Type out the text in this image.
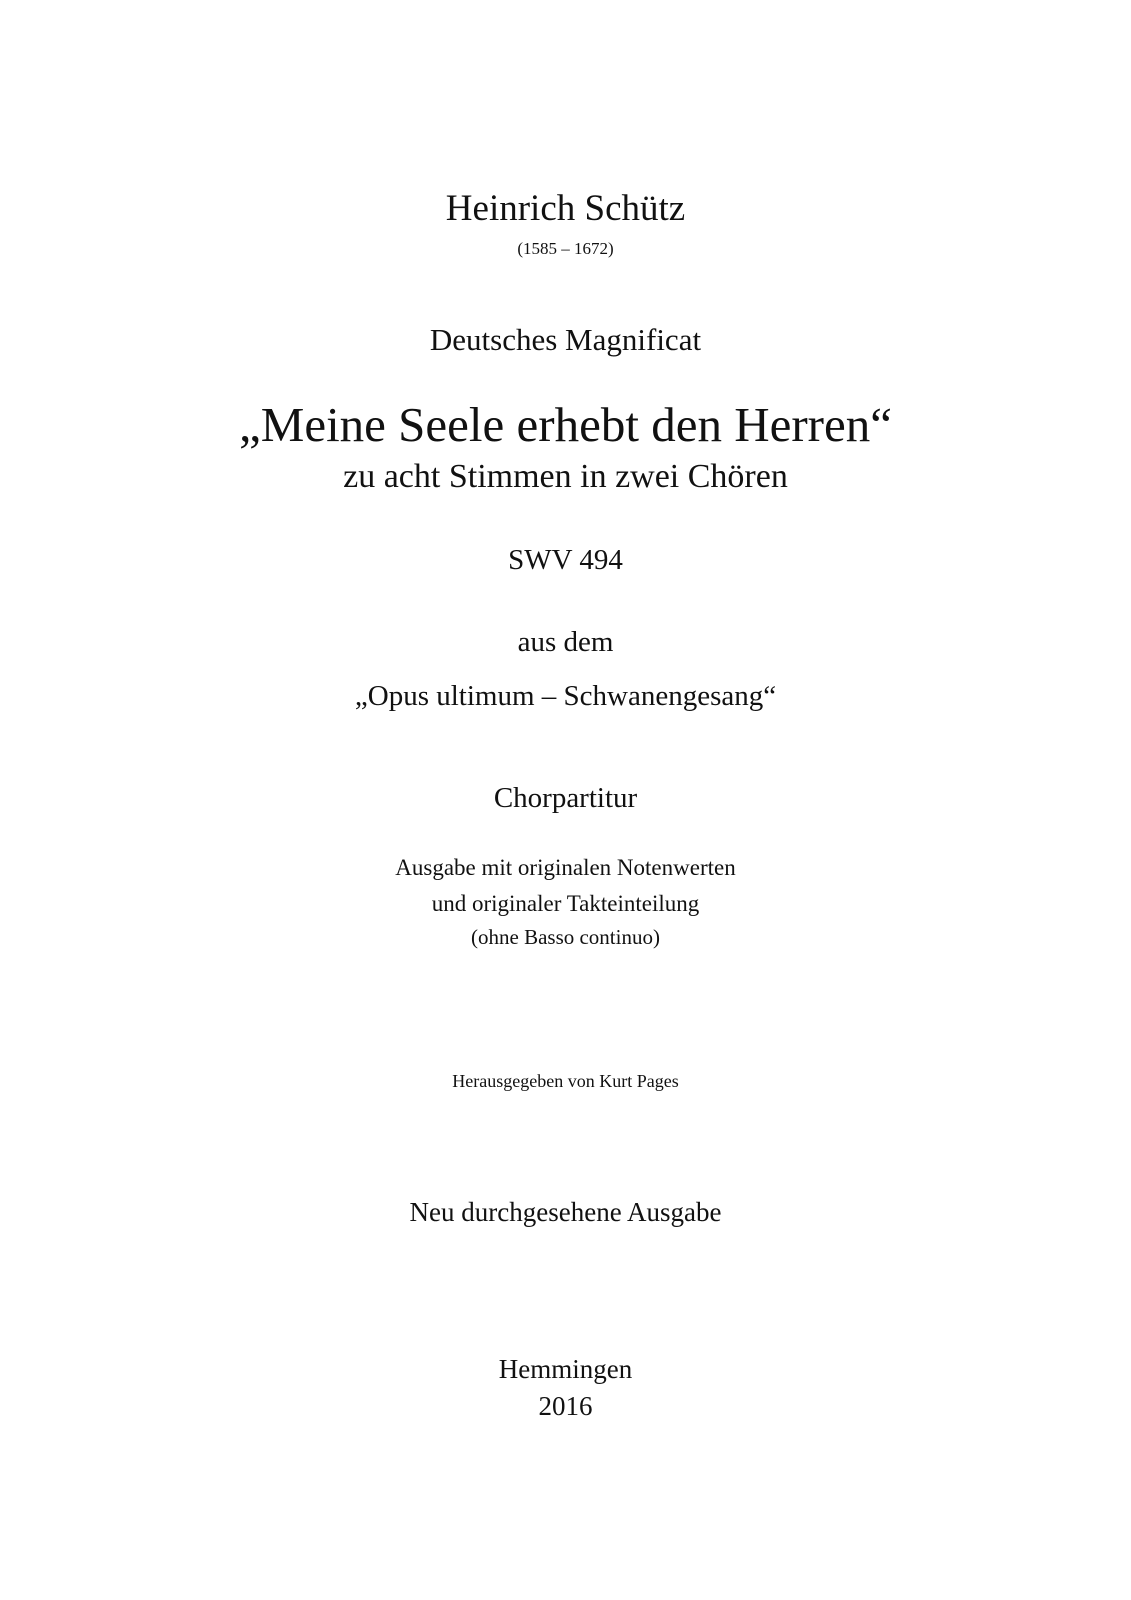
Heinrich Schütz
(1585 – 1672)
Deutsches Magnificat
„Meine Seele erhebt den Herren“
zu acht Stimmen in zwei Chören
SWV 494
aus dem
„Opus ultimum – Schwanengesang“
Chorpartitur
Ausgabe mit originalen Notenwerten
und originaler Takteinteilung
(ohne Basso continuo)
Herausgegeben von Kurt Pages
Neu durchgesehene Ausgabe
Hemmingen
2016
